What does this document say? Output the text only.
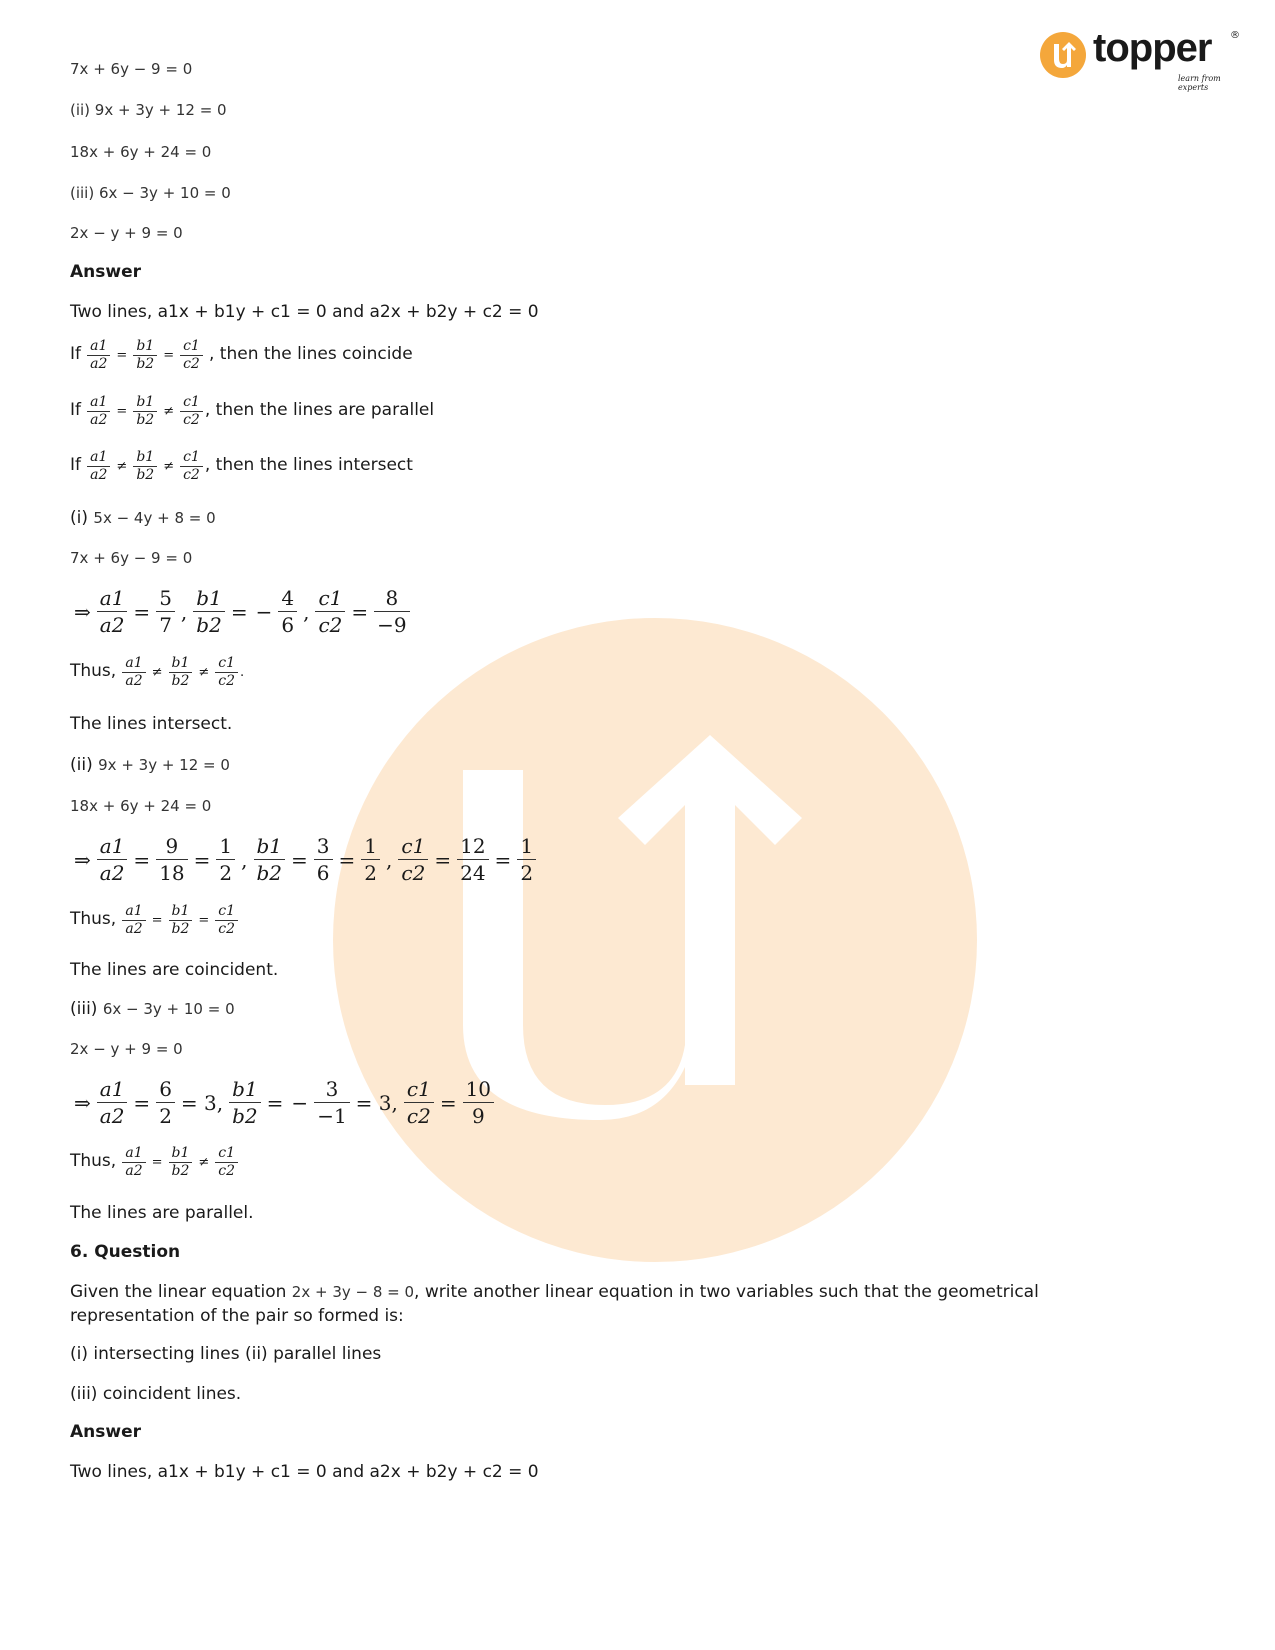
topper
learn from experts
®
7x + 6y − 9 = 0
(ii) 9x + 3y + 12 = 0
18x + 6y + 24 = 0
(iii) 6x − 3y + 10 = 0
2x − y + 9 = 0
Answer
Two lines, a1x + b1y + c1 = 0 and a2x + b2y + c2 = 0
If $\frac{a1}{a2} = \frac{b1}{b2} = \frac{c1}{c2}$ , then the lines coincide
If $\frac{a1}{a2} = \frac{b1}{b2} \ne \frac{c1}{c2}$ , then the lines are parallel
If $\frac{a1}{a2} \ne \frac{b1}{b2} \ne \frac{c1}{c2}$ , then the lines intersect
(i) 5x − 4y + 8 = 0
7x + 6y − 9 = 0
⇒ $\frac{a1}{a2} = \frac{5}{7}$ , $\frac{b1}{b2}$ = − $\frac{4}{6}$ , $\frac{c1}{c2} = \frac{8}{-9}$
Thus, $\frac{a1}{a2} \ne \frac{b1}{b2} \ne \frac{c1}{c2}$ .
The lines intersect.
(ii) 9x + 3y + 12 = 0
18x + 6y + 24 = 0
⇒ $\frac{a1}{a2} = \frac{9}{18} = \frac{1}{2}$ , $\frac{b1}{b2} = \frac{3}{6} = \frac{1}{2}$ , $\frac{c1}{c2} = \frac{12}{24} = \frac{1}{2}$
Thus, $\frac{a1}{a2} = \frac{b1}{b2} = \frac{c1}{c2}$
The lines are coincident.
(iii) 6x − 3y + 10 = 0
2x − y + 9 = 0
⇒ $\frac{a1}{a2} = \frac{6}{2} = 3$, $\frac{b1}{b2}$ = − $\frac{3}{-1} = 3$, $\frac{c1}{c2} = \frac{10}{9}$
Thus, $\frac{a1}{a2} = \frac{b1}{b2} \ne \frac{c1}{c2}$
The lines are parallel.
6. Question
Given the linear equation 2x + 3y − 8 = 0, write another linear equation in two variables such that the geometrical
representation of the pair so formed is:
(i) intersecting lines (ii) parallel lines
(iii) coincident lines.
Answer
Two lines, a1x + b1y + c1 = 0 and a2x + b2y + c2 = 0
